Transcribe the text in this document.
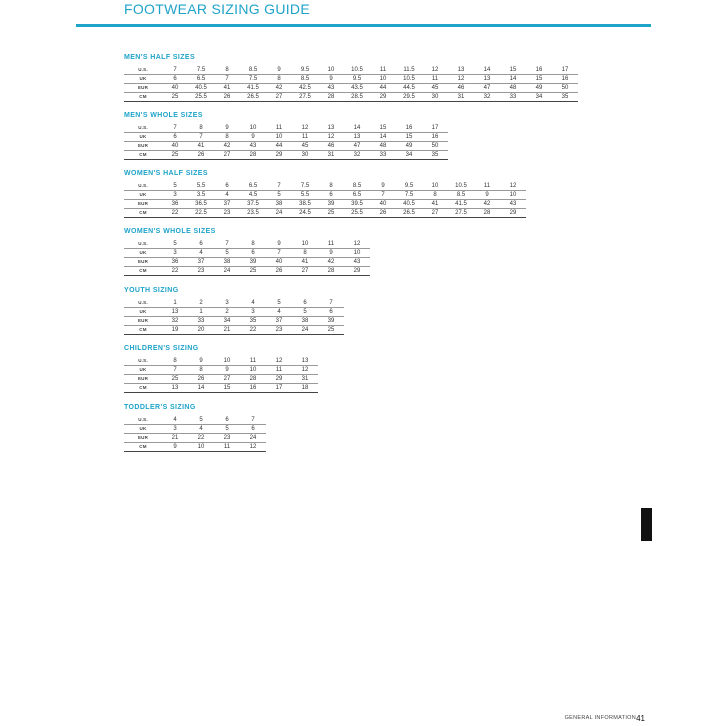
FOOTWEAR SIZING GUIDE
MEN'S HALF SIZES
U.S.	7	7.5	8	8.5	9	9.5	10	10.5	11	11.5	12	13	14	15	16	17
UK	6	6.5	7	7.5	8	8.5	9	9.5	10	10.5	11	12	13	14	15	16
EUR	40	40.5	41	41.5	42	42.5	43	43.5	44	44.5	45	46	47	48	49	50
CM	25	25.5	26	26.5	27	27.5	28	28.5	29	29.5	30	31	32	33	34	35
MEN'S WHOLE SIZES
U.S.	7	8	9	10	11	12	13	14	15	16	17
UK	6	7	8	9	10	11	12	13	14	15	16
EUR	40	41	42	43	44	45	46	47	48	49	50
CM	25	26	27	28	29	30	31	32	33	34	35
WOMEN'S HALF SIZES
U.S.	5	5.5	6	6.5	7	7.5	8	8.5	9	9.5	10	10.5	11	12
UK	3	3.5	4	4.5	5	5.5	6	6.5	7	7.5	8	8.5	9	10
EUR	36	36.5	37	37.5	38	38.5	39	39.5	40	40.5	41	41.5	42	43
CM	22	22.5	23	23.5	24	24.5	25	25.5	26	26.5	27	27.5	28	29
WOMEN'S WHOLE SIZES
U.S.	5	6	7	8	9	10	11	12
UK	3	4	5	6	7	8	9	10
EUR	36	37	38	39	40	41	42	43
CM	22	23	24	25	26	27	28	29
YOUTH SIZING
U.S.	1	2	3	4	5	6	7
UK	13	1	2	3	4	5	6
EUR	32	33	34	35	37	38	39
CM	19	20	21	22	23	24	25
CHILDREN'S SIZING
U.S.	8	9	10	11	12	13
UK	7	8	9	10	11	12
EUR	25	26	27	28	29	31
CM	13	14	15	16	17	18
TODDLER'S SIZING
U.S.	4	5	6	7
UK	3	4	5	6
EUR	21	22	23	24
CM	9	10	11	12
GENERAL INFORMATION 41
